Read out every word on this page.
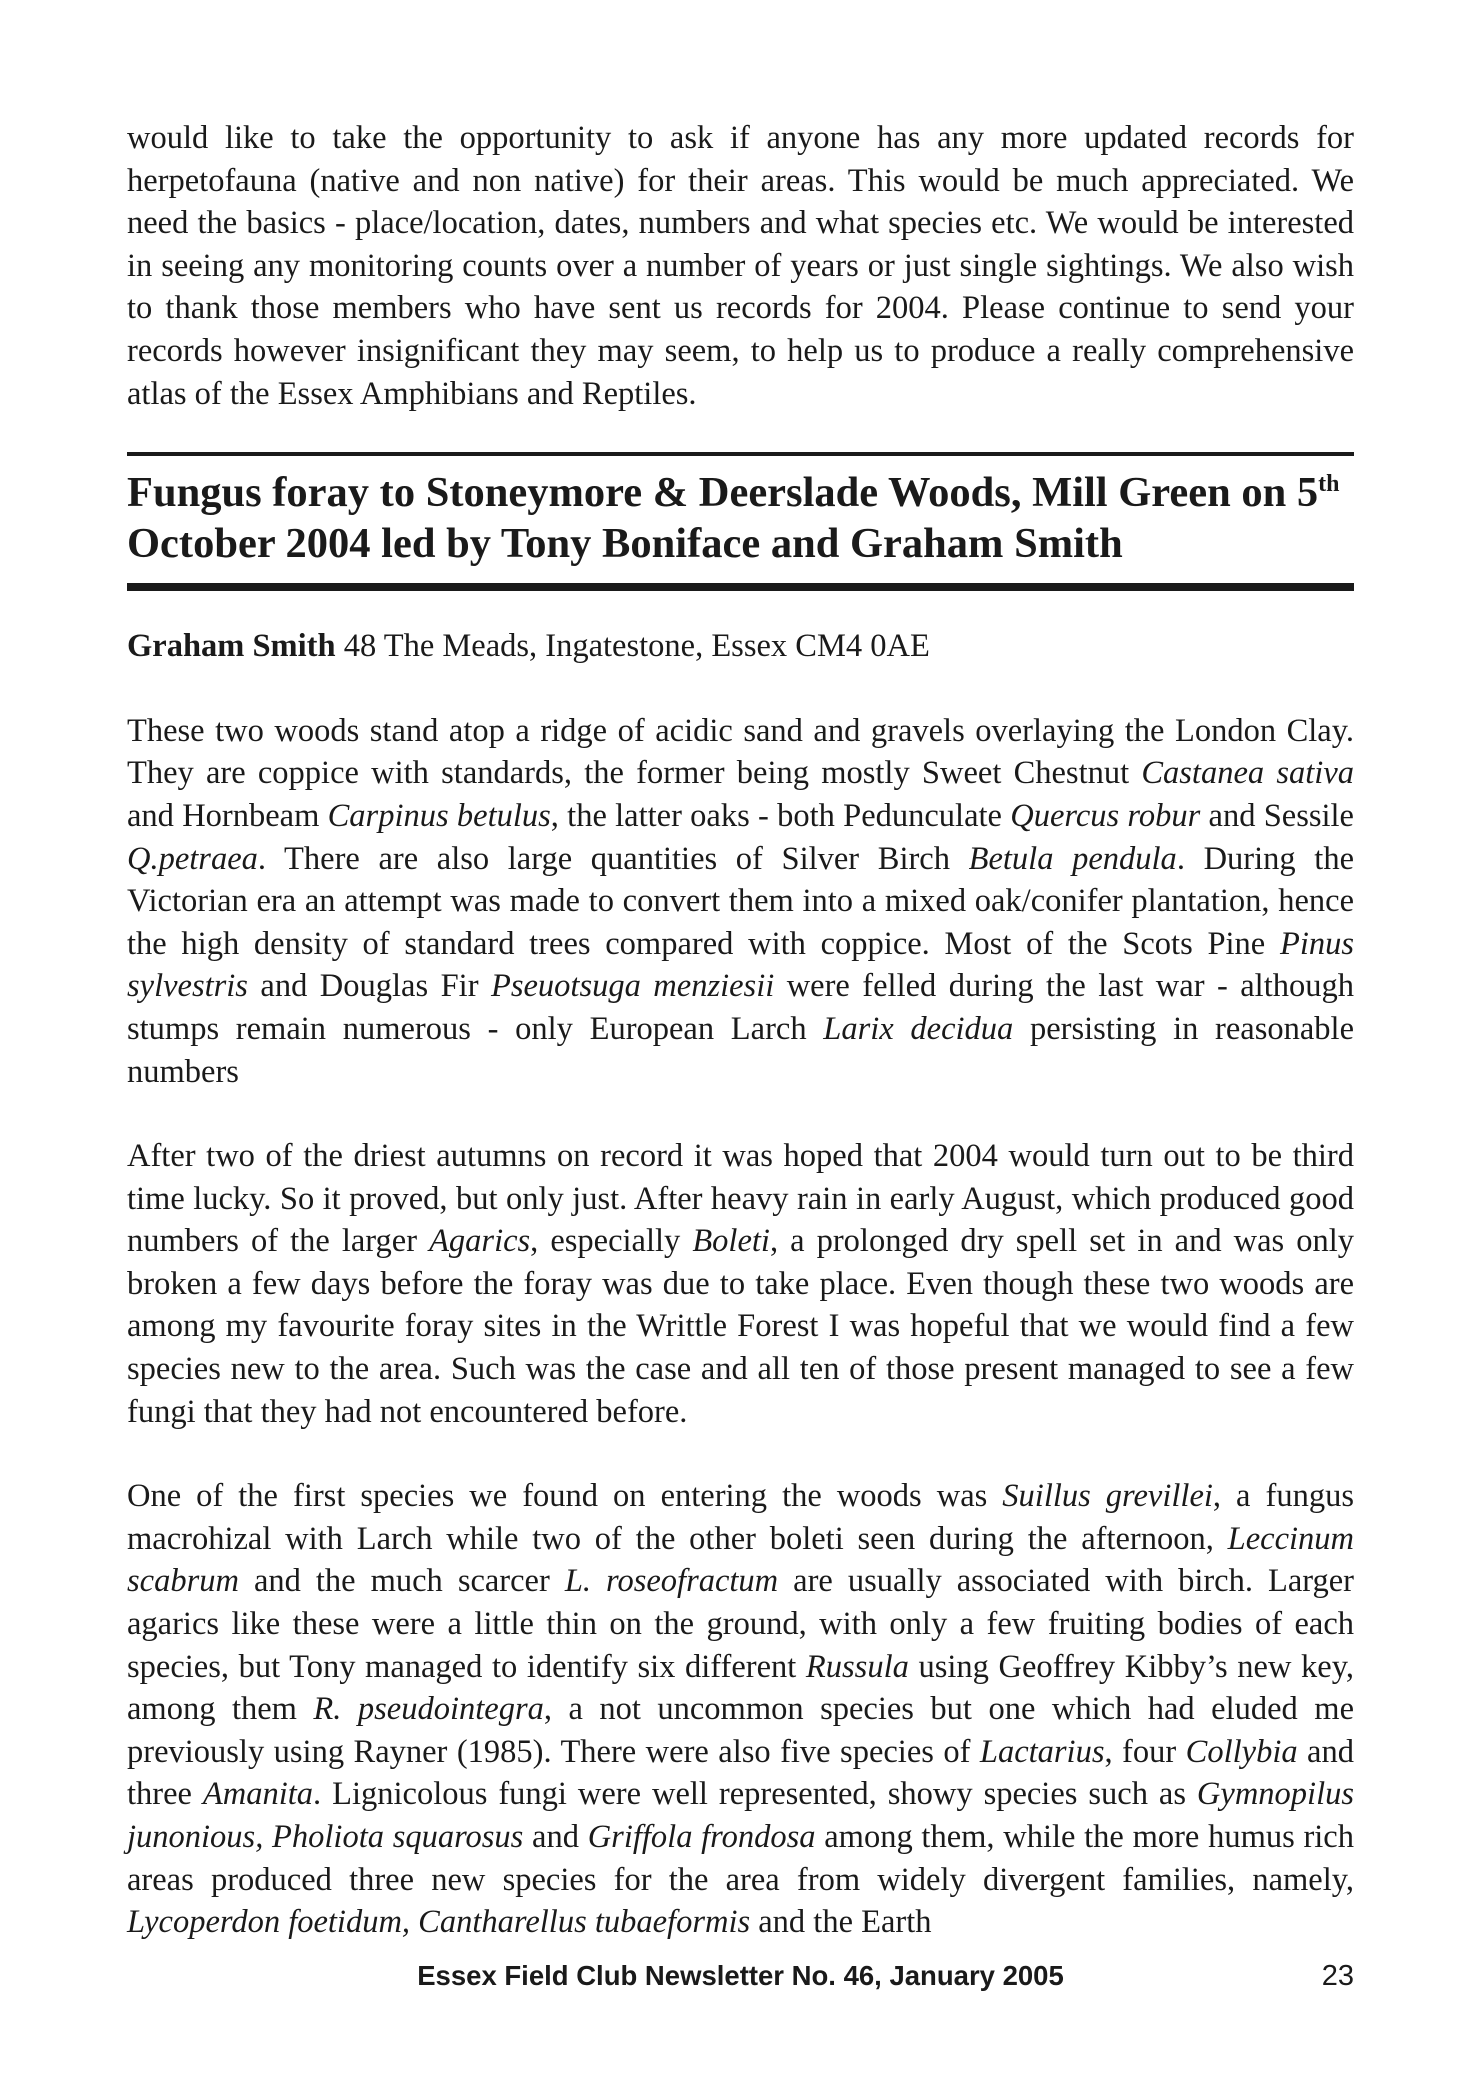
would like to take the opportunity to ask if anyone has any more updated records for herpetofauna (native and non native) for their areas. This would be much appreciated. We need the basics - place/location, dates, numbers and what species etc. We would be interested in seeing any monitoring counts over a number of years or just single sightings. We also wish to thank those members who have sent us records for 2004. Please continue to send your records however insignificant they may seem, to help us to produce a really comprehensive atlas of the Essex Amphibians and Reptiles.

Fungus foray to Stoneymore & Deerslade Woods, Mill Green on 5th
October 2004 led by Tony Boniface and Graham Smith

Graham Smith 48 The Meads, Ingatestone, Essex CM4 0AE

These two woods stand atop a ridge of acidic sand and gravels overlaying the London Clay. They are coppice with standards, the former being mostly Sweet Chestnut Castanea sativa and Hornbeam Carpinus betulus, the latter oaks - both Pedunculate Quercus robur and Sessile Q.petraea. There are also large quantities of Silver Birch Betula pendula. During the Victorian era an attempt was made to convert them into a mixed oak/conifer plantation, hence the high density of standard trees compared with coppice. Most of the Scots Pine Pinus sylvestris and Douglas Fir Pseuotsuga menziesii were felled during the last war - although stumps remain numerous - only European Larch Larix decidua persisting in reasonable numbers

After two of the driest autumns on record it was hoped that 2004 would turn out to be third time lucky. So it proved, but only just. After heavy rain in early August, which produced good numbers of the larger Agarics, especially Boleti, a prolonged dry spell set in and was only broken a few days before the foray was due to take place. Even though these two woods are among my favourite foray sites in the Writtle Forest I was hopeful that we would find a few species new to the area. Such was the case and all ten of those present managed to see a few fungi that they had not encountered before.

One of the first species we found on entering the woods was Suillus grevillei, a fungus macrohizal with Larch while two of the other boleti seen during the afternoon, Leccinum scabrum and the much scarcer L. roseofractum are usually associated with birch. Larger agarics like these were a little thin on the ground, with only a few fruiting bodies of each species, but Tony managed to identify six different Russula using Geoffrey Kibby’s new key, among them R. pseudointegra, a not uncommon species but one which had eluded me previously using Rayner (1985). There were also five species of Lactarius, four Collybia and three Amanita. Lignicolous fungi were well represented, showy species such as Gymnopilus junonious, Pholiota squarosus and Griffola frondosa among them, while the more humus rich areas produced three new species for the area from widely divergent families, namely, Lycoperdon foetidum, Cantharellus tubaeformis and the Earth

Essex Field Club Newsletter No. 46, January 2005	23
